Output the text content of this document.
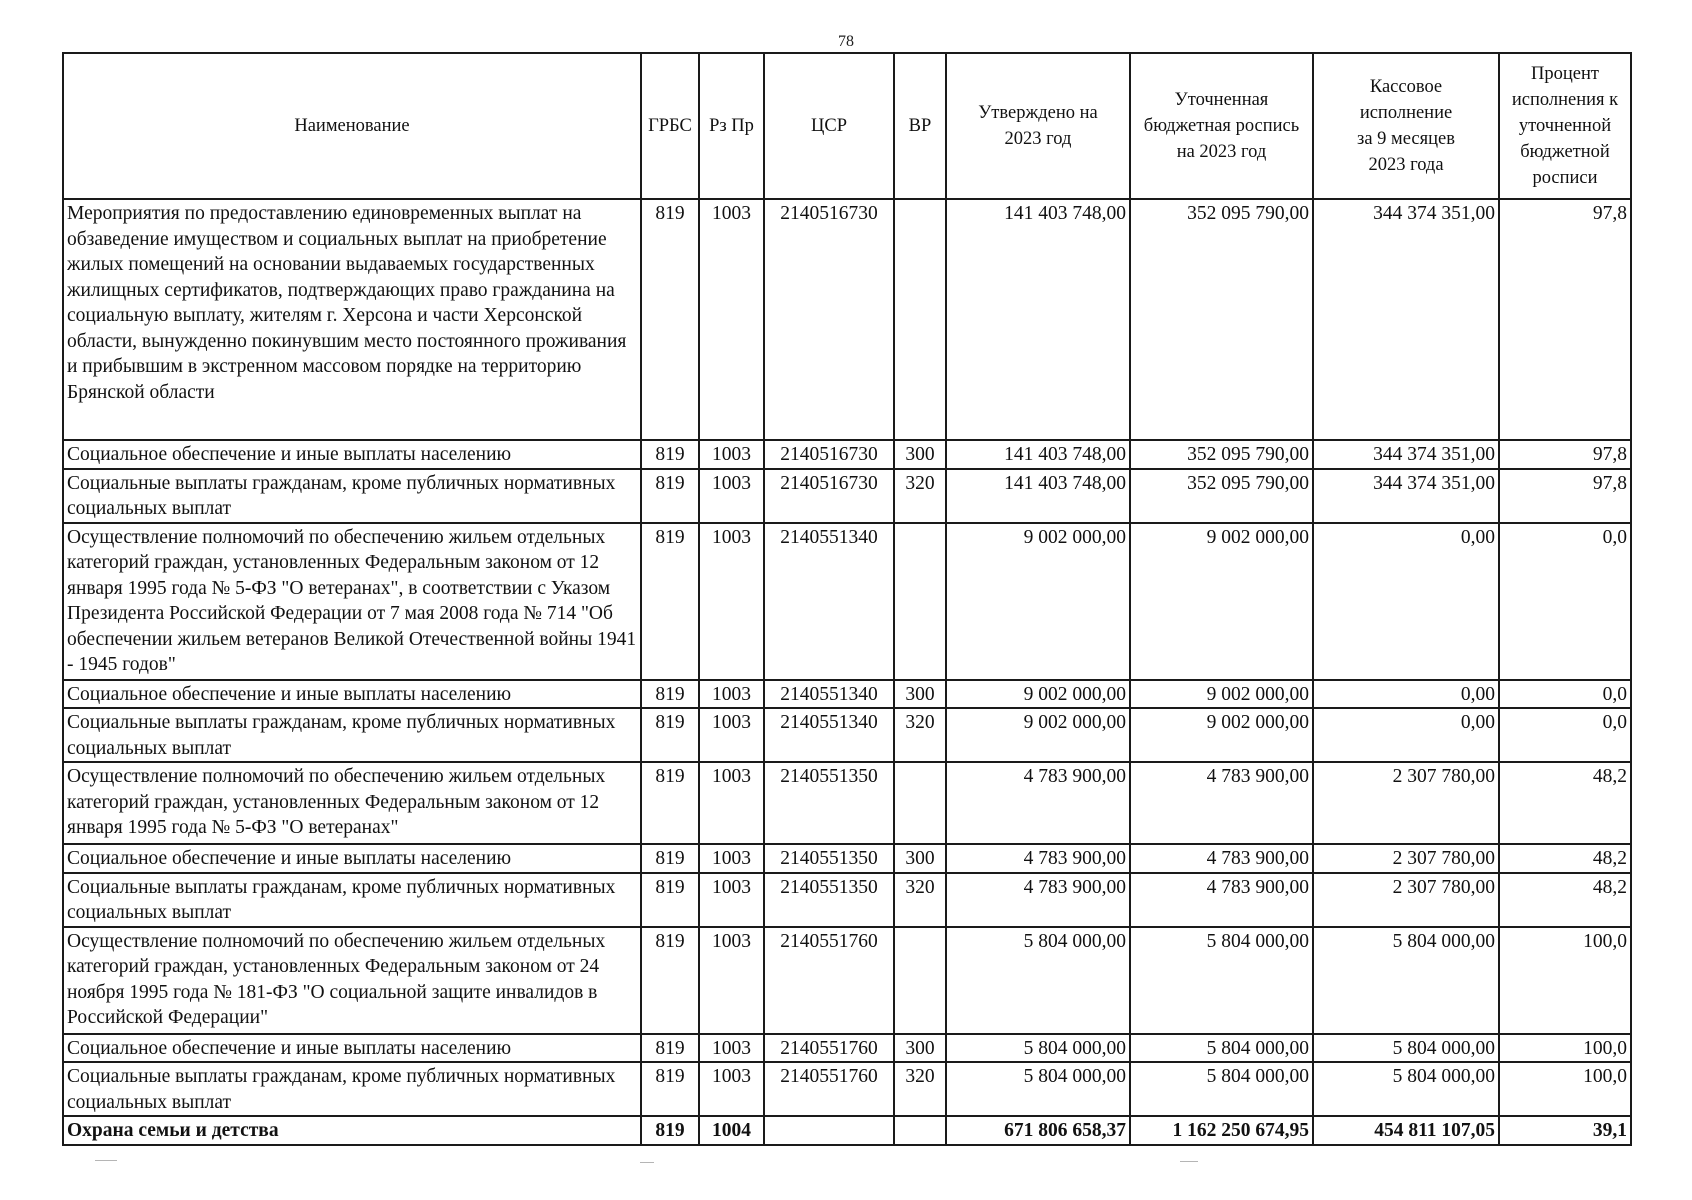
78
Наименование	ГРБС	Рз Пр	ЦСР	ВР	Утверждено на 2023 год	Уточненная бюджетная роспись на 2023 год	Кассовое исполнение за 9 месяцев 2023 года	Процент исполнения к уточненной бюджетной росписи
Мероприятия по предоставлению единовременных выплат на обзаведение имуществом и социальных выплат на приобретение жилых помещений на основании выдаваемых государственных жилищных сертификатов, подтверждающих право гражданина на социальную выплату, жителям г. Херсона и части Херсонской области, вынужденно покинувшим место постоянного проживания и прибывшим в экстренном массовом порядке на территорию Брянской области	819	1003	2140516730		141 403 748,00	352 095 790,00	344 374 351,00	97,8
Социальное обеспечение и иные выплаты населению	819	1003	2140516730	300	141 403 748,00	352 095 790,00	344 374 351,00	97,8
Социальные выплаты гражданам, кроме публичных нормативных социальных выплат	819	1003	2140516730	320	141 403 748,00	352 095 790,00	344 374 351,00	97,8
Осуществление полномочий по обеспечению жильем отдельных категорий граждан, установленных Федеральным законом от 12 января 1995 года № 5-ФЗ "О ветеранах", в соответствии с Указом Президента Российской Федерации от 7 мая 2008 года № 714 "Об обеспечении жильем ветеранов Великой Отечественной войны 1941 - 1945 годов"	819	1003	2140551340		9 002 000,00	9 002 000,00	0,00	0,0
Социальное обеспечение и иные выплаты населению	819	1003	2140551340	300	9 002 000,00	9 002 000,00	0,00	0,0
Социальные выплаты гражданам, кроме публичных нормативных социальных выплат	819	1003	2140551340	320	9 002 000,00	9 002 000,00	0,00	0,0
Осуществление полномочий по обеспечению жильем отдельных категорий граждан, установленных Федеральным законом от 12 января 1995 года № 5-ФЗ "О ветеранах"	819	1003	2140551350		4 783 900,00	4 783 900,00	2 307 780,00	48,2
Социальное обеспечение и иные выплаты населению	819	1003	2140551350	300	4 783 900,00	4 783 900,00	2 307 780,00	48,2
Социальные выплаты гражданам, кроме публичных нормативных социальных выплат	819	1003	2140551350	320	4 783 900,00	4 783 900,00	2 307 780,00	48,2
Осуществление полномочий по обеспечению жильем отдельных категорий граждан, установленных Федеральным законом от 24 ноября 1995 года № 181-ФЗ "О социальной защите инвалидов в Российской Федерации"	819	1003	2140551760		5 804 000,00	5 804 000,00	5 804 000,00	100,0
Социальное обеспечение и иные выплаты населению	819	1003	2140551760	300	5 804 000,00	5 804 000,00	5 804 000,00	100,0
Социальные выплаты гражданам, кроме публичных нормативных социальных выплат	819	1003	2140551760	320	5 804 000,00	5 804 000,00	5 804 000,00	100,0
Охрана семьи и детства	819	1004			671 806 658,37	1 162 250 674,95	454 811 107,05	39,1
